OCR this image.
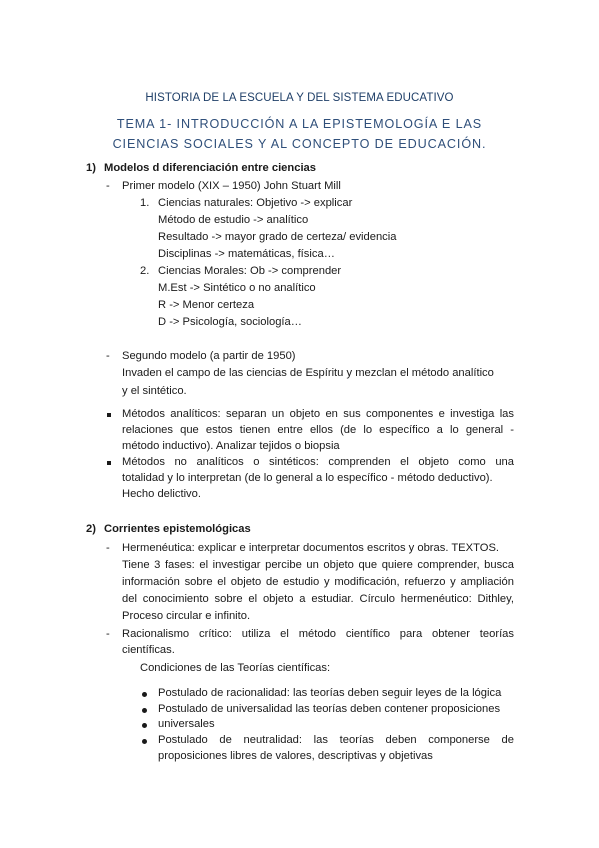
HISTORIA DE LA ESCUELA Y DEL SISTEMA EDUCATIVO
TEMA 1- INTRODUCCIÓN A LA EPISTEMOLOGÍA E LAS
CIENCIAS SOCIALES Y AL CONCEPTO DE EDUCACIÓN.
1) Modelos d diferenciación entre ciencias
- Primer modelo (XIX – 1950) John Stuart Mill
1. Ciencias naturales: Objetivo -> explicar
Método de estudio -> analítico
Resultado -> mayor grado de certeza/ evidencia
Disciplinas -> matemáticas, física…
2. Ciencias Morales: Ob -> comprender
M.Est -> Sintético o no analítico
R -> Menor certeza
D -> Psicología, sociología…
- Segundo modelo (a partir de 1950)
Invaden el campo de las ciencias de Espíritu y mezclan el método analítico
y el sintético.
Métodos analíticos: separan un objeto en sus componentes e investiga las
relaciones que estos tienen entre ellos (de lo específico a lo general -
método inductivo). Analizar tejidos o biopsia
Métodos no analíticos o sintéticos: comprenden el objeto como una
totalidad y lo interpretan (de lo general a lo específico - método deductivo).
Hecho delictivo.
2) Corrientes epistemológicas
- Hermenéutica: explicar e interpretar documentos escritos y obras. TEXTOS.
Tiene 3 fases: el investigar percibe un objeto que quiere comprender, busca
información sobre el objeto de estudio y modificación, refuerzo y ampliación
del conocimiento sobre el objeto a estudiar. Círculo hermenéutico: Dithley,
Proceso circular e infinito.
- Racionalismo crítico: utiliza el método científico para obtener teorías
científicas.
Condiciones de las Teorías científicas:
Postulado de racionalidad: las teorías deben seguir leyes de la lógica
Postulado de universalidad las teorías deben contener proposiciones
universales
Postulado de neutralidad: las teorías deben componerse de
proposiciones libres de valores, descriptivas y objetivas
